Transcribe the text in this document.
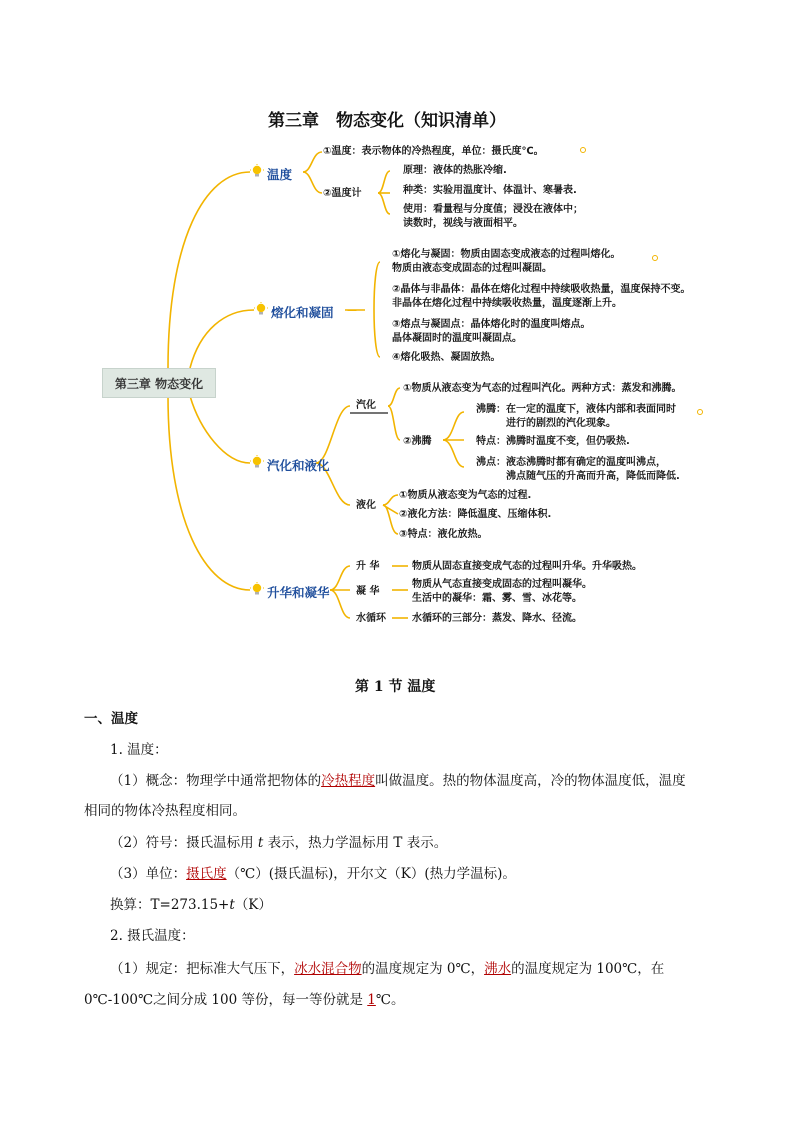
第三章　物态变化（知识清单）
第三章 物态变化
温度
熔化和凝固
汽化和液化
升华和凝华
①温度：表示物体的冷热程度，单位：摄氏度℃。
②温度计
原理：液体的热胀冷缩.
种类：实验用温度计、体温计、寒暑表.
使用：看量程与分度值；浸没在液体中；
读数时，视线与液面相平。
—
①熔化与凝固：物质由固态变成液态的过程叫熔化。
物质由液态变成固态的过程叫凝固。
②晶体与非晶体：晶体在熔化过程中持续吸收热量，温度保持不变。
非晶体在熔化过程中持续吸收热量，温度逐渐上升。
③熔点与凝固点：晶体熔化时的温度叫熔点。
晶体凝固时的温度叫凝固点。
④熔化吸热、凝固放热。
汽化
①物质从液态变为气态的过程叫汽化。两种方式：蒸发和沸腾。
②沸腾
沸腾：在一定的温度下，液体内部和表面同时
进行的剧烈的汽化现象。
特点：沸腾时温度不变，但仍吸热.
沸点：液态沸腾时都有确定的温度叫沸点，
沸点随气压的升高而升高，降低而降低.
液化
①物质从液态变为气态的过程.
②液化方法：降低温度、压缩体积.
③特点：液化放热。
升 华	物质从固态直接变成气态的过程叫升华。升华吸热。
凝 华
物质从气态直接变成固态的过程叫凝华。
生活中的凝华：霜、雾、雪、冰花等。
水循环	水循环的三部分：蒸发、降水、径流。
第 1 节 温度
一、温度
1. 温度：
（1）概念：物理学中通常把物体的冷热程度叫做温度。热的物体温度高，冷的物体温度低，温度
相同的物体冷热程度相同。
（2）符号：摄氏温标用 t 表示，热力学温标用 T 表示。
（3）单位：摄氏度（℃）(摄氏温标)，开尔文（K）(热力学温标)。
换算：T=273.15+t（K）
2. 摄氏温度：
（1）规定：把标准大气压下，冰水混合物的温度规定为 0℃，沸水的温度规定为 100℃，在
0℃-100℃之间分成 100 等份，每一等份就是 1℃。
